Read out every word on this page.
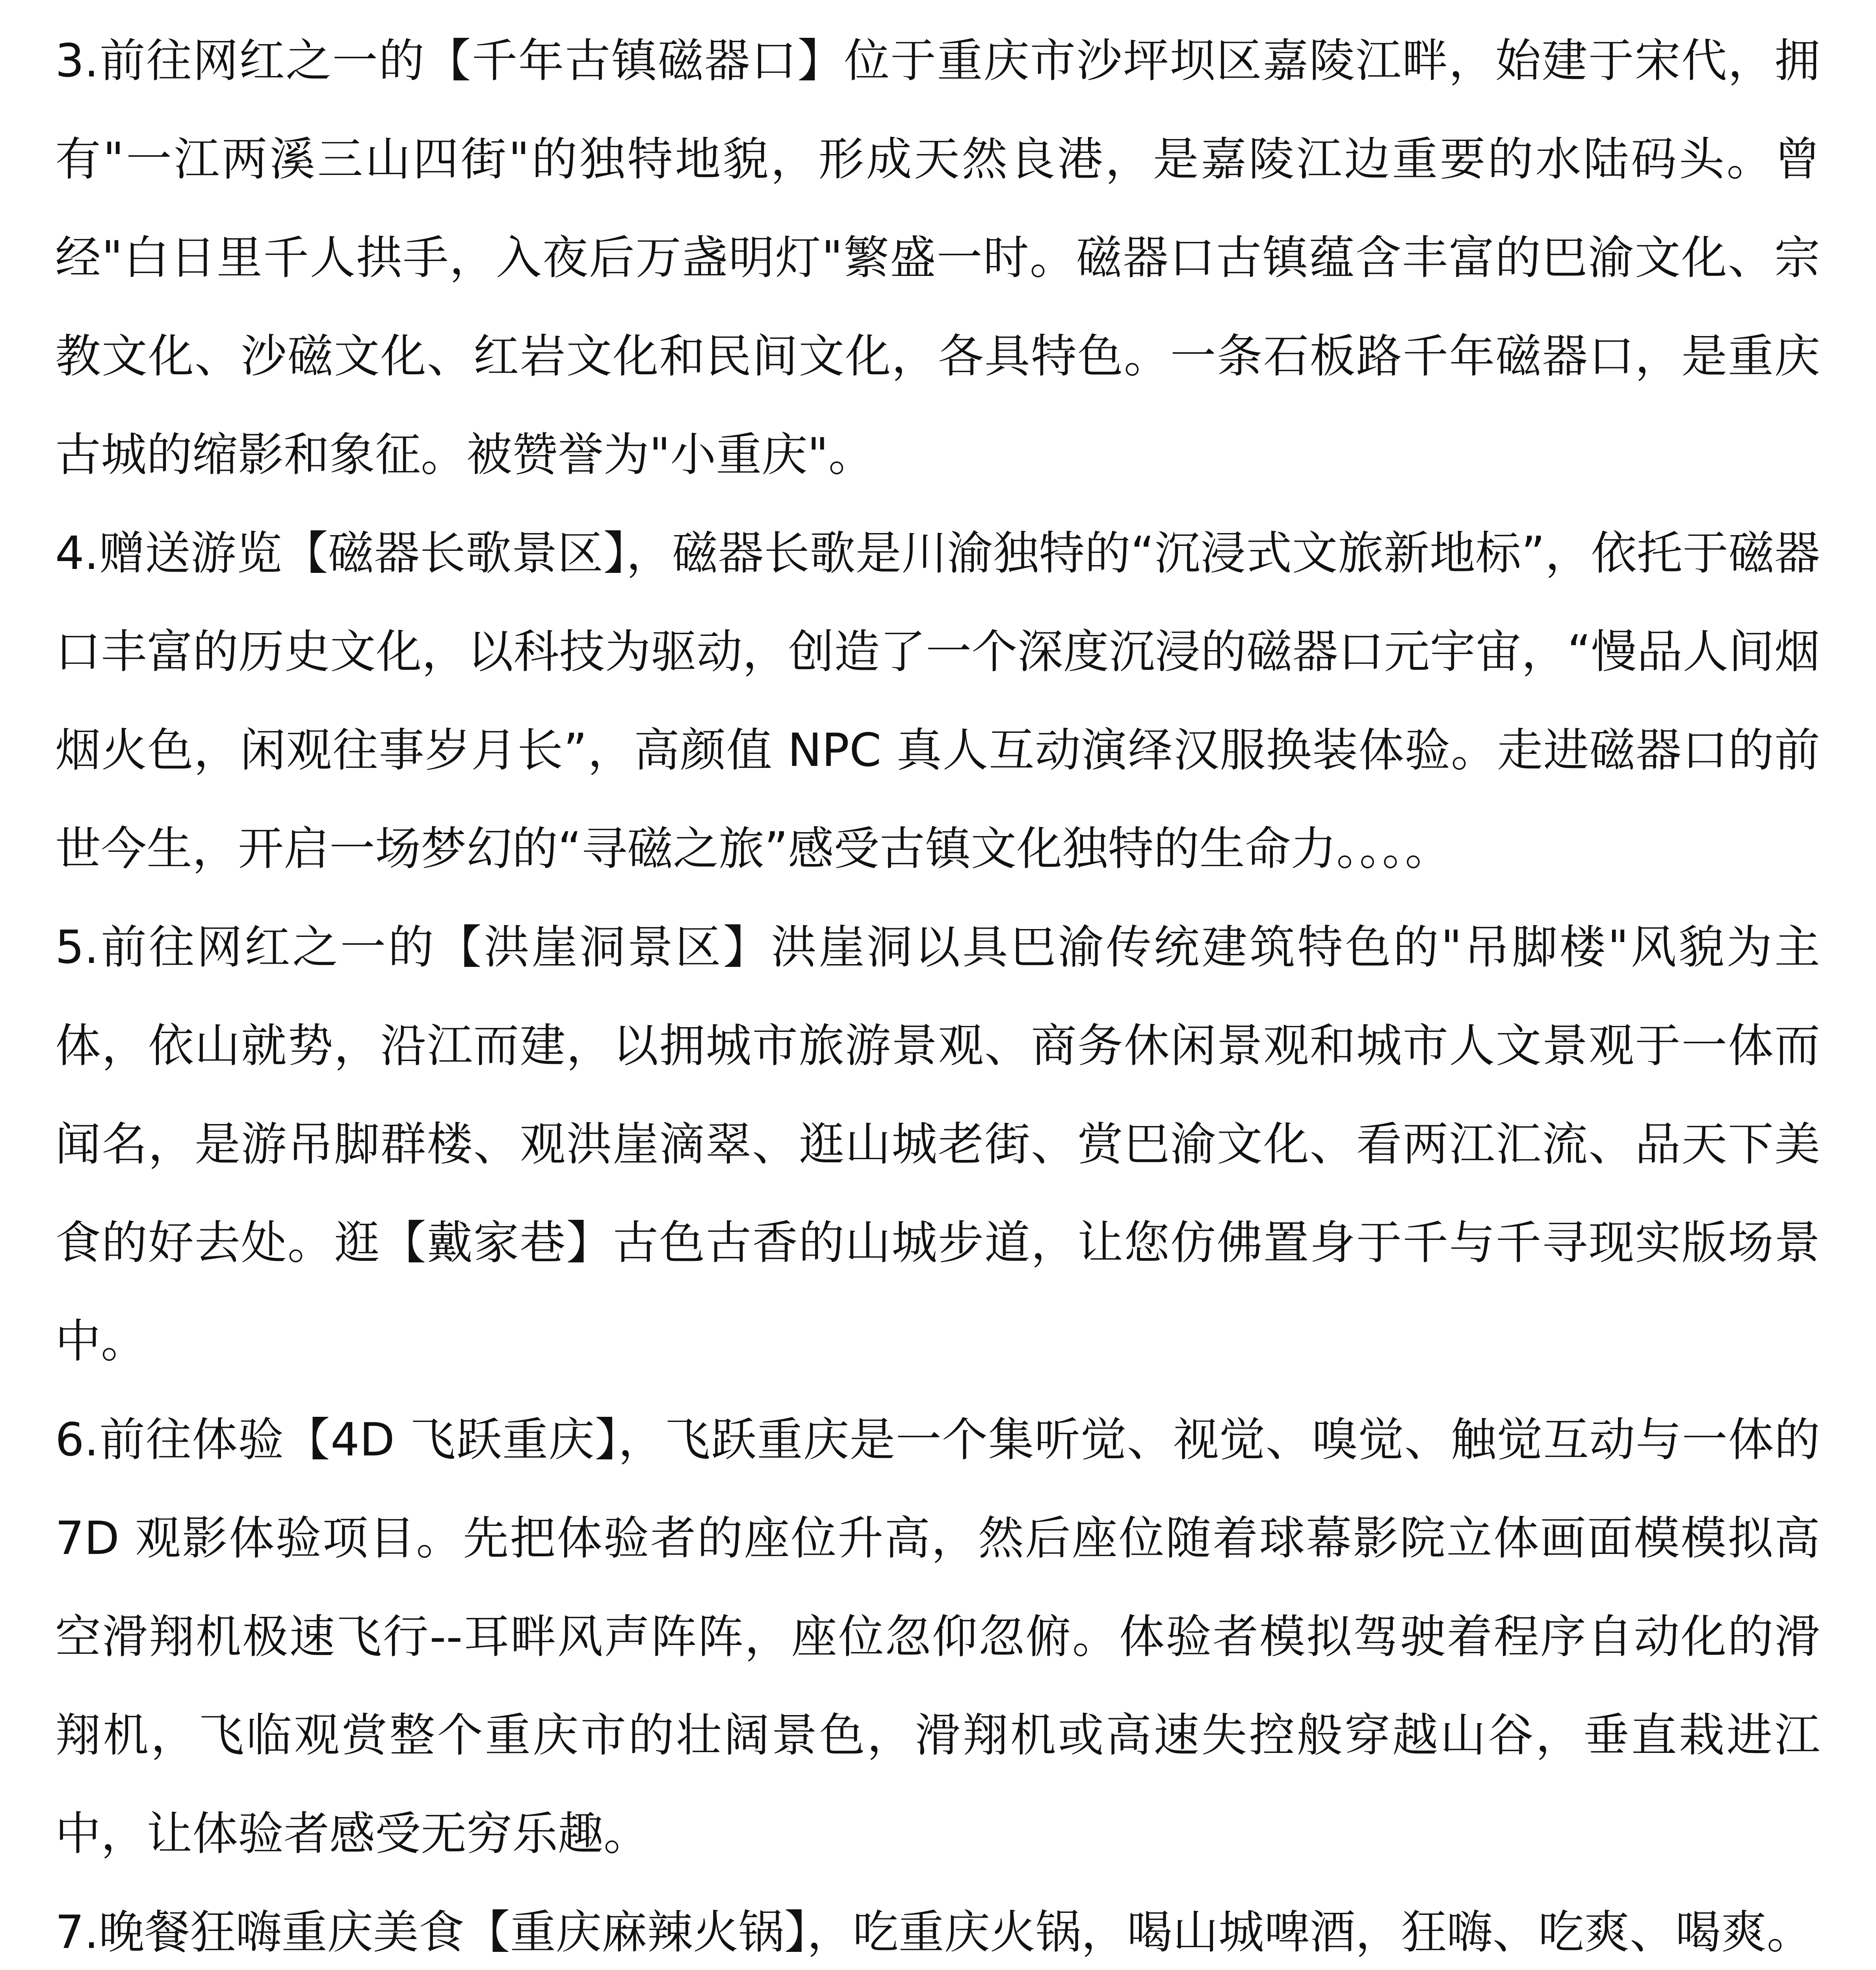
3.前往网红之一的【千年古镇磁器口】位于重庆市沙坪坝区嘉陵江畔，始建于宋代，拥有"一江两溪三山四街"的独特地貌，形成天然良港，是嘉陵江边重要的水陆码头。曾经"白日里千人拱手，入夜后万盏明灯"繁盛一时。磁器口古镇蕴含丰富的巴渝文化、宗教文化、沙磁文化、红岩文化和民间文化，各具特色。一条石板路千年磁器口，是重庆古城的缩影和象征。被赞誉为"小重庆"。

4.赠送游览【磁器长歌景区】，磁器长歌是川渝独特的“沉浸式文旅新地标”，依托于磁器口丰富的历史文化，以科技为驱动，创造了一个深度沉浸的磁器口元宇宙，“慢品人间烟烟火色，闲观往事岁月长”，高颜值 NPC 真人互动演绎汉服换装体验。走进磁器口的前世今生，开启一场梦幻的“寻磁之旅”感受古镇文化独特的生命力。。。。

5.前往网红之一的【洪崖洞景区】洪崖洞以具巴渝传统建筑特色的"吊脚楼"风貌为主体，依山就势，沿江而建，以拥城市旅游景观、商务休闲景观和城市人文景观于一体而闻名，是游吊脚群楼、观洪崖滴翠、逛山城老街、赏巴渝文化、看两江汇流、品天下美食的好去处。逛【戴家巷】古色古香的山城步道，让您仿佛置身于千与千寻现实版场景中。

6.前往体验【4D 飞跃重庆】，飞跃重庆是一个集听觉、视觉、嗅觉、触觉互动与一体的 7D 观影体验项目。先把体验者的座位升高，然后座位随着球幕影院立体画面模模拟高空滑翔机极速飞行--耳畔风声阵阵，座位忽仰忽俯。体验者模拟驾驶着程序自动化的滑翔机，飞临观赏整个重庆市的壮阔景色，滑翔机或高速失控般穿越山谷，垂直栽进江中，让体验者感受无穷乐趣。

7.晚餐狂嗨重庆美食【重庆麻辣火锅】，吃重庆火锅，喝山城啤酒，狂嗨、吃爽、喝爽。
